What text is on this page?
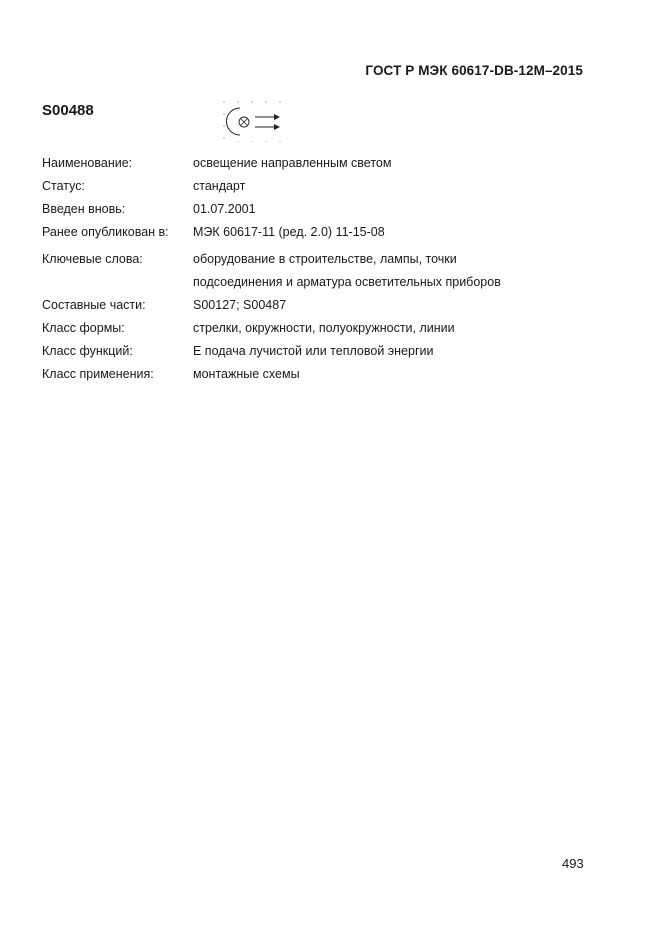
ГОСТ Р МЭК 60617-DB-12M–2015
S00488
Наименование:	освещение направленным светом
Статус:	стандарт
Введен вновь:	01.07.2001
Ранее опубликован в:	МЭК 60617-11 (ред. 2.0) 11-15-08
Ключевые слова:	оборудование в строительстве, лампы, точки
подсоединения и арматура осветительных приборов
Составные части:	S00127; S00487
Класс формы:	стрелки, окружности, полуокружности, линии
Класс функций:	Е подача лучистой или тепловой энергии
Класс применения:	монтажные схемы
493
